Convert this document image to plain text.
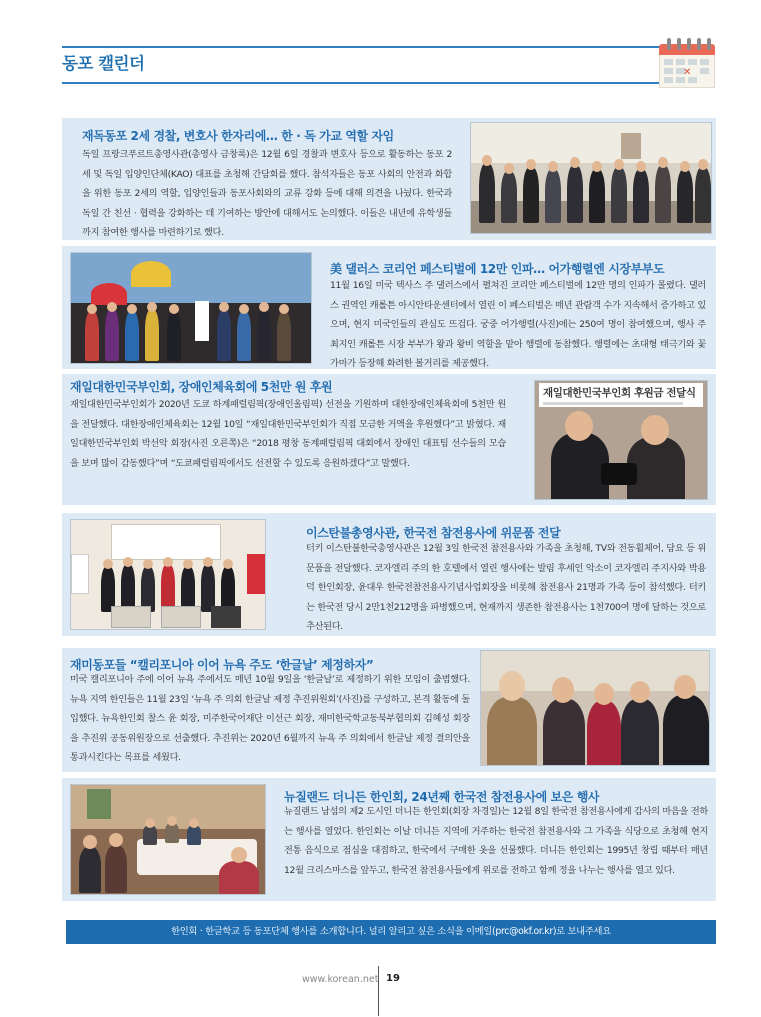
동포 캘린더	✕
재독동포 2세 경찰, 변호사 한자리에… 한 · 독 가교 역할 자임
독일 프랑크푸르트총영사관(총영사 금창록)은 12월 6일 경찰과 변호사 등으로 활동하는 동포 2세 및 독일 입양인단체(KAO) 대표를 초청해 간담회를 했다. 참석자들은 동포 사회의 안전과 화합을 위한 동포 2세의 역할, 입양인들과 동포사회와의 교류 강화 등에 대해 의견을 나눴다. 한국과 독일 간 친선 · 협력을 강화하는 데 기여하는 방안에 대해서도 논의했다. 이들은 내년에 유학생들까지 참여한 행사를 마련하기로 했다.
美 댈러스 코리언 페스티벌에 12만 인파… 어가행렬엔 시장부부도
11월 16일 미국 텍사스 주 댈러스에서 펼쳐진 코리안 페스티벌에 12만 명의 인파가 몰렸다. 댈러스 권역인 캐롤튼 아시안타운센터에서 열린 이 페스티벌은 매년 관람객 수가 지속해서 증가하고 있으며, 현지 미국인들의 관심도 뜨겁다. 궁중 어가행렬(사진)에는 250여 명이 참여했으며, 행사 주최지인 캐롤튼 시장 부부가 왕과 왕비 역할을 맡아 행렬에 동참했다. 행렬에는 초대형 태극기와 꽃가마가 등장해 화려한 볼거리를 제공했다.
재일대한민국부인회, 장애인체육회에 5천만 원 후원
재일대한민국부인회가 2020년 도쿄 하계패럴림픽(장애인올림픽) 선전을 기원하며 대한장애인체육회에 5천만 원을 전달했다. 대한장애인체육회는 12월 10일 “재일대한민국부인회가 직접 모금한 거액을 후원했다”고 밝혔다. 재일대한민국부인회 박선악 회장(사진 오른쪽)은 “2018 평창 동계패럴림픽 대회에서 장애인 대표팀 선수들의 모습을 보며 많이 감동했다”며 “도쿄패럴림픽에서도 선전할 수 있도록 응원하겠다”고 말했다.
재일대한민국부인회 후원금 전달식
이스탄불총영사관, 한국전 참전용사에 위문품 전달
터키 이스탄불한국총영사관은 12월 3일 한국전 참전용사와 가족을 초청해, TV와 전동휠체어, 담요 등 위문품을 전달했다. 코자엘리 주의 한 호텔에서 열린 행사에는 발림 후세인 악소이 코자엘리 주지사와 박용덕 한인회장, 윤대우 한국전참전용사기념사업회장을 비롯해 참전용사 21명과 가족 등이 참석했다. 터키는 한국전 당시 2만1천212명을 파병했으며, 현재까지 생존한 참전용사는 1천700여 명에 달하는 것으로 추산된다.
재미동포들 “캘리포니아 이어 뉴욕 주도 ‘한글날’ 제정하자”
미국 캘리포니아 주에 이어 뉴욕 주에서도 매년 10월 9일을 ‘한글날’로 제정하기 위한 모임이 출범했다. 뉴욕 지역 한인들은 11월 23일 ‘뉴욕 주 의회 한글날 제정 추진위원회’(사진)를 구성하고, 본격 활동에 돌입했다. 뉴욕한인회 찰스 윤 회장, 미주한국어재단 이선근 회장, 재미한국학교동북부협의회 김혜성 회장을 추진위 공동위원장으로 선출했다. 추진위는 2020년 6월까지 뉴욕 주 의회에서 한글날 제정 결의안을 통과시킨다는 목표를 세웠다.
뉴질랜드 더니든 한인회, 24년째 한국전 참전용사에 보은 행사
뉴질랜드 남섬의 제2 도시인 더니든 한인회(회장 차경일)는 12월 8일 한국전 참전용사에게 감사의 마음을 전하는 행사를 열었다. 한인회는 이날 더니든 지역에 거주하는 한국전 참전용사와 그 가족을 식당으로 초청해 현지 전통 음식으로 점심을 대접하고, 한국에서 구매한 옷을 선물했다. 더니든 한인회는 1995년 창립 때부터 매년 12월 크리스마스를 앞두고, 한국전 참전용사들에게 위로를 전하고 함께 정을 나누는 행사를 열고 있다.
한인회 · 한글학교 등 동포단체 행사를 소개합니다. 널리 알리고 싶은 소식을 이메일(prc@okf.or.kr)로 보내주세요
www.korean.net 19
